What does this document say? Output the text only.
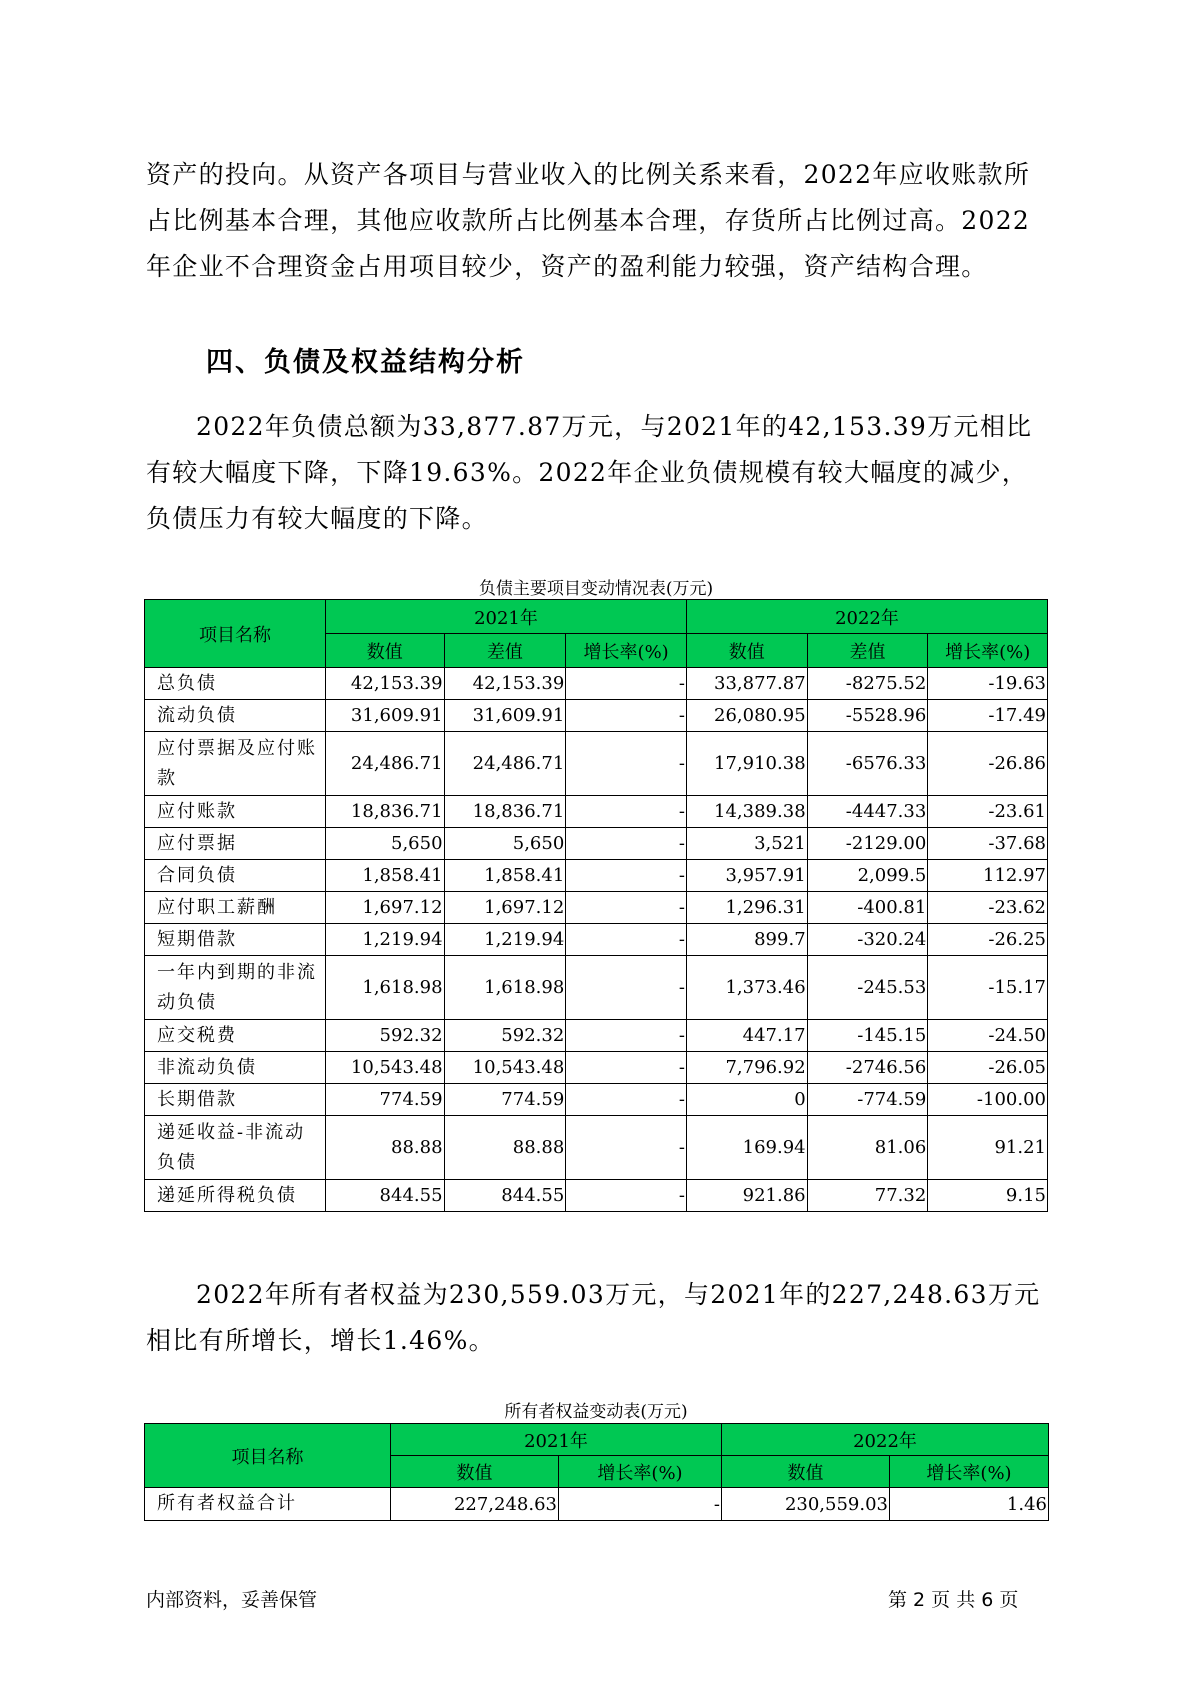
资产的投向。从资产各项目与营业收入的比例关系来看，2022年应收账款所占比例基本合理，其他应收款所占比例基本合理，存货所占比例过高。2022年企业不合理资金占用项目较少，资产的盈利能力较强，资产结构合理。

四、负债及权益结构分析

2022年负债总额为33,877.87万元，与2021年的42,153.39万元相比有较大幅度下降，下降19.63%。2022年企业负债规模有较大幅度的减少，负债压力有较大幅度的下降。

负债主要项目变动情况表(万元)

项目名称	2021年			2022年		
	数值	差值	增长率(%)	数值	差值	增长率(%)
总负债	42,153.39	42,153.39	-	33,877.87	-8275.52	-19.63
流动负债	31,609.91	31,609.91	-	26,080.95	-5528.96	-17.49
应付票据及应付账款	24,486.71	24,486.71	-	17,910.38	-6576.33	-26.86
应付账款	18,836.71	18,836.71	-	14,389.38	-4447.33	-23.61
应付票据	5,650	5,650	-	3,521	-2129.00	-37.68
合同负债	1,858.41	1,858.41	-	3,957.91	2,099.5	112.97
应付职工薪酬	1,697.12	1,697.12	-	1,296.31	-400.81	-23.62
短期借款	1,219.94	1,219.94	-	899.7	-320.24	-26.25
一年内到期的非流动负债	1,618.98	1,618.98	-	1,373.46	-245.53	-15.17
应交税费	592.32	592.32	-	447.17	-145.15	-24.50
非流动负债	10,543.48	10,543.48	-	7,796.92	-2746.56	-26.05
长期借款	774.59	774.59	-	0	-774.59	-100.00
递延收益-非流动负债	88.88	88.88	-	169.94	81.06	91.21
递延所得税负债	844.55	844.55	-	921.86	77.32	9.15

2022年所有者权益为230,559.03万元，与2021年的227,248.63万元相比有所增长，增长1.46%。

所有者权益变动表(万元)

项目名称	2021年		2022年	
	数值	增长率(%)	数值	增长率(%)
所有者权益合计	227,248.63	-	230,559.03	1.46
内部资料，妥善保管	第 2 页 共 6 页
